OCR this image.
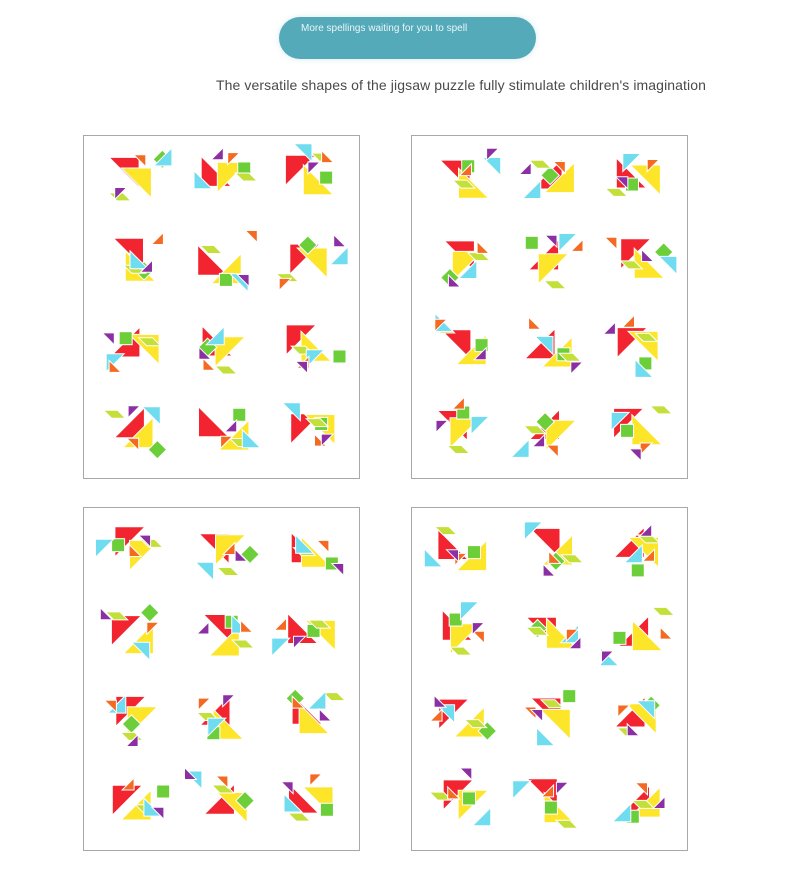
More spellings waiting for you to spell
The versatile shapes of the jigsaw puzzle fully stimulate children's imagination
